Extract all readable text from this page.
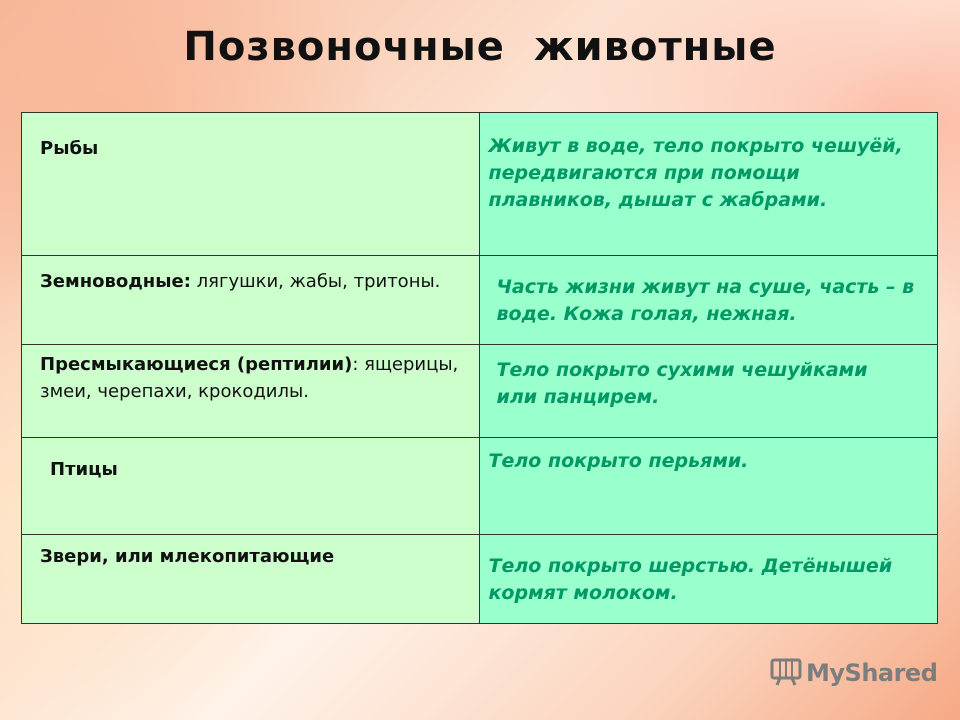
Позвоночные животные
Рыбы	Живут в воде, тело покрыто чешуёй, передвигаются при помощи плавников, дышат с жабрами.

Земноводные: лягушки, жабы, тритоны.	Часть жизни живут на суше, часть – в воде. Кожа голая, нежная.

Пресмыкающиеся (рептилии): ящерицы, змеи, черепахи, крокодилы.	Тело покрыто сухими чешуйками или панцирем.

Птицы	Тело покрыто перьями.

Звери, или млекопитающие	Тело покрыто шерстью. Детёнышей кормят молоком.
MyShared
